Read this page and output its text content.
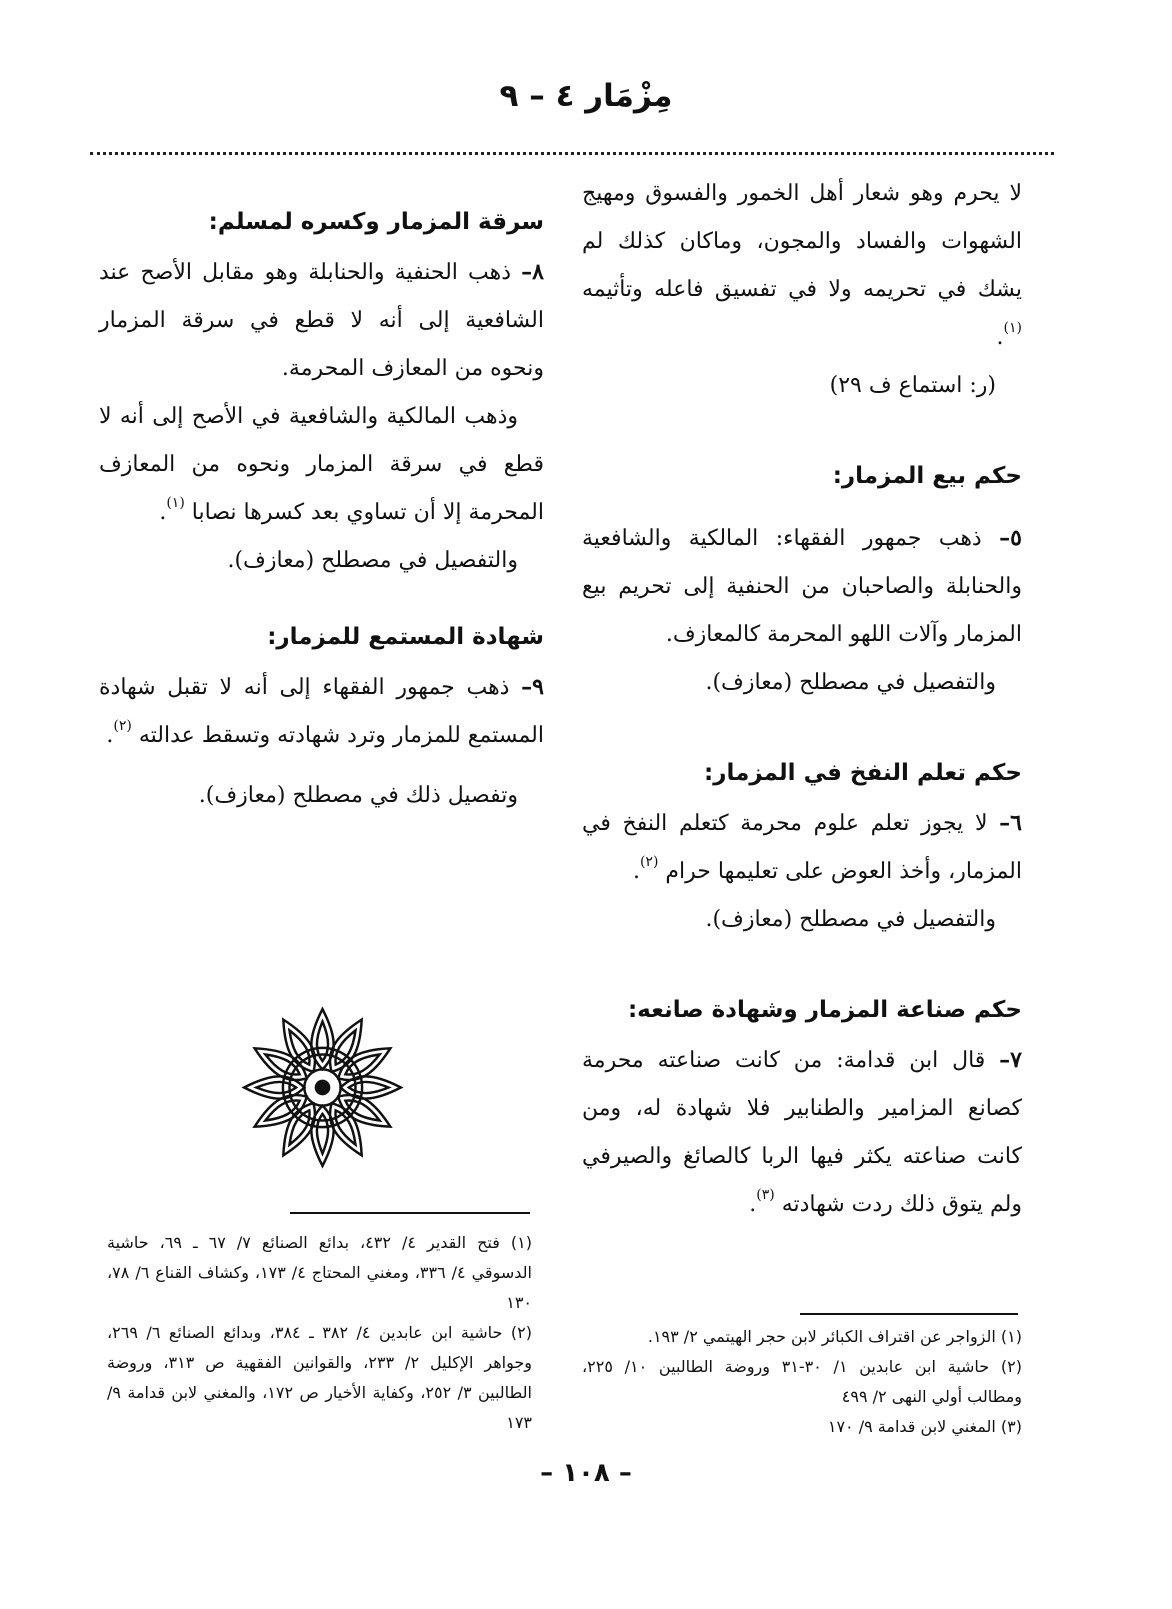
مِزْمَار ٤ – ٩

لا يحرم وهو شعار أهل الخمور والفسوق ومهيج الشهوات والفساد والمجون، وماكان كذلك لم يشك في تحريمه ولا في تفسيق فاعله وتأثيمه $^{(١)}$.

(ر: استماع ف ٢٩)

حكم بيع المزمار:

٥– ذهب جمهور الفقهاء: المالكية والشافعية والحنابلة والصاحبان من الحنفية إلى تحريم بيع المزمار وآلات اللهو المحرمة كالمعازف.

والتفصيل في مصطلح (معازف).

حكم تعلم النفخ في المزمار:

٦– لا يجوز تعلم علوم محرمة كتعلم النفخ في المزمار، وأخذ العوض على تعليمها حرام $^{(٢)}$.

والتفصيل في مصطلح (معازف).

حكم صناعة المزمار وشهادة صانعه:

٧– قال ابن قدامة: من كانت صناعته محرمة كصانع المزامير والطنابير فلا شهادة له، ومن كانت صناعته يكثر فيها الربا كالصائغ والصيرفي ولم يتوق ذلك ردت شهادته $^{(٣)}$.

سرقة المزمار وكسره لمسلم:

٨– ذهب الحنفية والحنابلة وهو مقابل الأصح عند الشافعية إلى أنه لا قطع في سرقة المزمار ونحوه من المعازف المحرمة.

وذهب المالكية والشافعية في الأصح إلى أنه لا قطع في سرقة المزمار ونحوه من المعازف المحرمة إلا أن تساوي بعد كسرها نصابا $^{(١)}$.

والتفصيل في مصطلح (معازف).

شهادة المستمع للمزمار:

٩– ذهب جمهور الفقهاء إلى أنه لا تقبل شهادة المستمع للمزمار وترد شهادته وتسقط عدالته $^{(٢)}$.

وتفصيل ذلك في مصطلح (معازف).

(١) فتح القدير ٤/ ٤٣٢، بدائع الصنائع ٧/ ٦٧ ـ ٦٩، حاشية الدسوقي ٤/ ٣٣٦، ومغني المحتاج ٤/ ١٧٣، وكشاف القناع ٦/ ٧٨، ١٣٠
(٢) حاشية ابن عابدين ٤/ ٣٨٢ ـ ٣٨٤، وبدائع الصنائع ٦/ ٢٦٩، وجواهر الإكليل ٢/ ٢٣٣، والقوانين الفقهية ص ٣١٣، وروضة الطالبين ٣/ ٢٥٢، وكفاية الأخيار ص ١٧٢، والمغني لابن قدامة ٩/ ١٧٣
(١) الزواجر عن اقتراف الكبائر لابن حجر الهيتمي ٢/ ١٩٣.
(٢) حاشية ابن عابدين ١/ ٣٠-٣١ وروضة الطالبين ١٠/ ٢٢٥، ومطالب أولي النهى ٢/ ٤٩٩
(٣) المغني لابن قدامة ٩/ ١٧٠
– ١٠٨ –
